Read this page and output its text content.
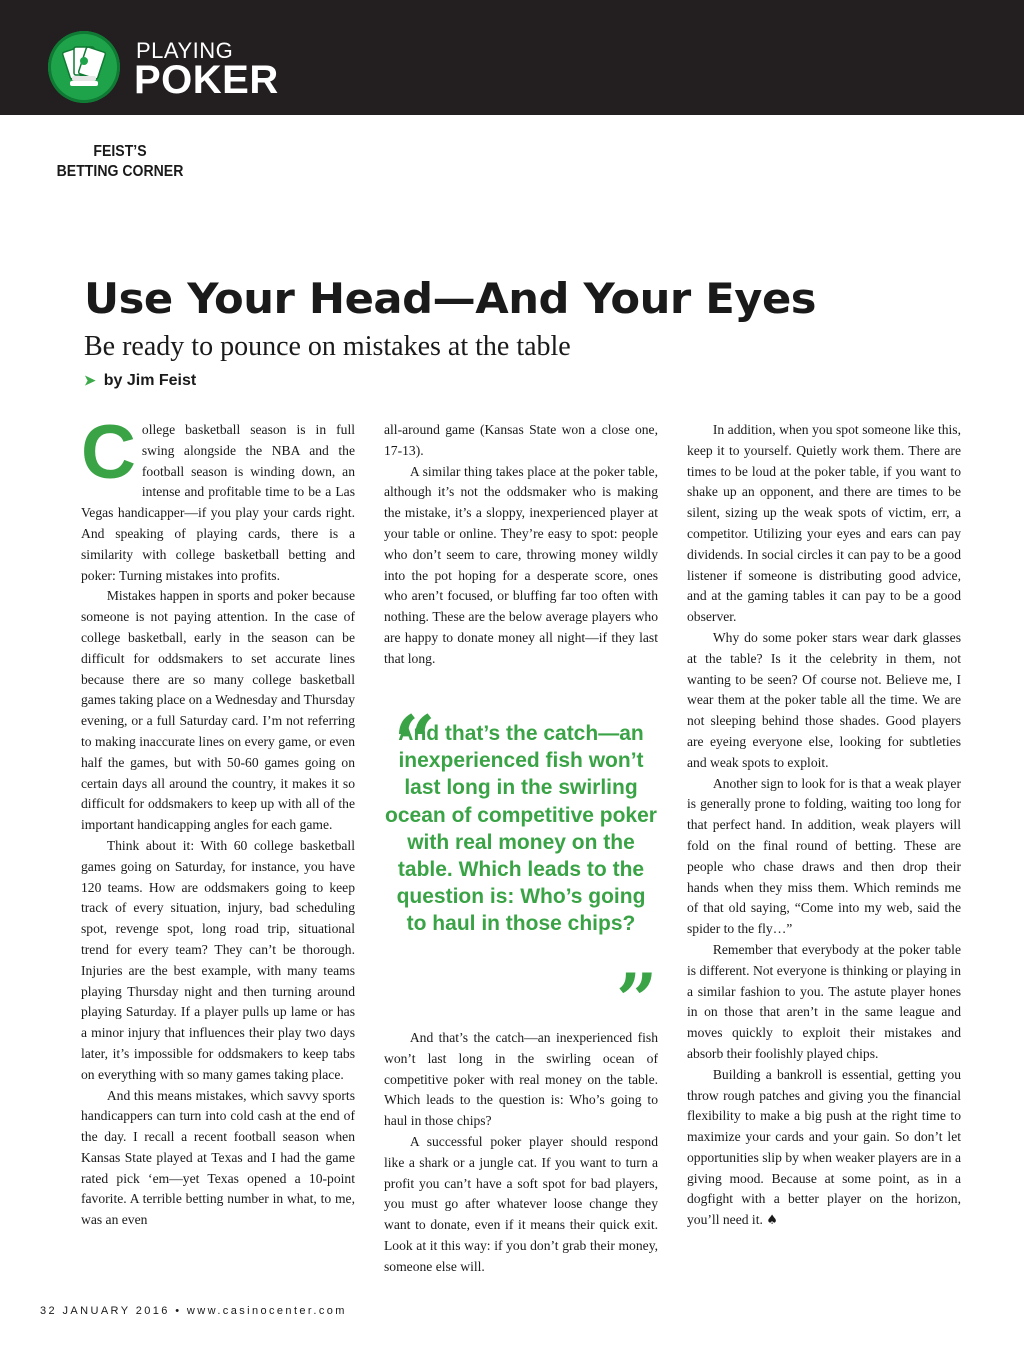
PLAYING
POKER
FEIST’S
BETTING CORNER
Use Your Head—And Your Eyes
Be ready to pounce on mistakes at the table
➤ by Jim Feist

College basketball season is in full swing alongside the NBA and the football season is winding down, an intense and profitable time to be a Las Vegas handicapper—if you play your cards right. And speaking of playing cards, there is a similarity with college basketball betting and poker: Turning mistakes into profits.

Mistakes happen in sports and poker because someone is not paying attention. In the case of college basketball, early in the season can be difficult for oddsmakers to set accurate lines because there are so many college basketball games taking place on a Wednesday and Thursday evening, or a full Saturday card. I’m not referring to making inaccurate lines on every game, or even half the games, but with 50-60 games going on certain days all around the country, it makes it so difficult for oddsmakers to keep up with all of the important handicapping angles for each game.

Think about it: With 60 college basketball games going on Saturday, for instance, you have 120 teams. How are oddsmakers going to keep track of every situation, injury, bad scheduling spot, revenge spot, long road trip, situational trend for every team? They can’t be thorough. Injuries are the best example, with many teams playing Thursday night and then turning around playing Saturday. If a player pulls up lame or has a minor injury that influences their play two days later, it’s impossible for oddsmakers to keep tabs on everything with so many games taking place.

And this means mistakes, which savvy sports handicappers can turn into cold cash at the end of the day. I recall a recent football season when Kansas State played at Texas and I had the game rated pick ‘em—yet Texas opened a 10-point favorite. A terrible betting number in what, to me, was an even

all-around game (Kansas State won a close one, 17-13).

A similar thing takes place at the poker table, although it’s not the oddsmaker who is making the mistake, it’s a sloppy, inexperienced player at your table or online. They’re easy to spot: people who don’t seem to care, throwing money wildly into the pot hoping for a desperate score, ones who aren’t focused, or bluffing far too often with nothing. These are the below average players who are happy to donate money all night—if they last that long.

“
And that’s the catch—an inexperienced fish won’t last long in the swirling ocean of competitive poker with real money on the table. Which leads to the question is: Who’s going to haul in those chips?
”

And that’s the catch—an inexperienced fish won’t last long in the swirling ocean of competitive poker with real money on the table. Which leads to the question is: Who’s going to haul in those chips?

A successful poker player should respond like a shark or a jungle cat. If you want to turn a profit you can’t have a soft spot for bad players, you must go after whatever loose change they want to donate, even if it means their quick exit. Look at it this way: if you don’t grab their money, someone else will.

In addition, when you spot someone like this, keep it to yourself. Quietly work them. There are times to be loud at the poker table, if you want to shake up an opponent, and there are times to be silent, sizing up the weak spots of victim, err, a competitor. Utilizing your eyes and ears can pay dividends. In social circles it can pay to be a good listener if someone is distributing good advice, and at the gaming tables it can pay to be a good observer.

Why do some poker stars wear dark glasses at the table? Is it the celebrity in them, not wanting to be seen? Of course not. Believe me, I wear them at the poker table all the time. We are not sleeping behind those shades. Good players are eyeing everyone else, looking for subtleties and weak spots to exploit.

Another sign to look for is that a weak player is generally prone to folding, waiting too long for that perfect hand. In addition, weak players will fold on the final round of betting. These are people who chase draws and then drop their hands when they miss them. Which reminds me of that old saying, “Come into my web, said the spider to the fly…”

Remember that everybody at the poker table is different. Not everyone is thinking or playing in a similar fashion to you. The astute player hones in on those that aren’t in the same league and moves quickly to exploit their mistakes and absorb their foolishly played chips.

Building a bankroll is essential, getting you throw rough patches and giving you the financial flexibility to make a big push at the right time to maximize your cards and your gain. So don’t let opportunities slip by when weaker players are in a giving mood. Because at some point, as in a dogfight with a better player on the horizon, you’ll need it. ♠

32 JANUARY 2016 • www.casinocenter.com
